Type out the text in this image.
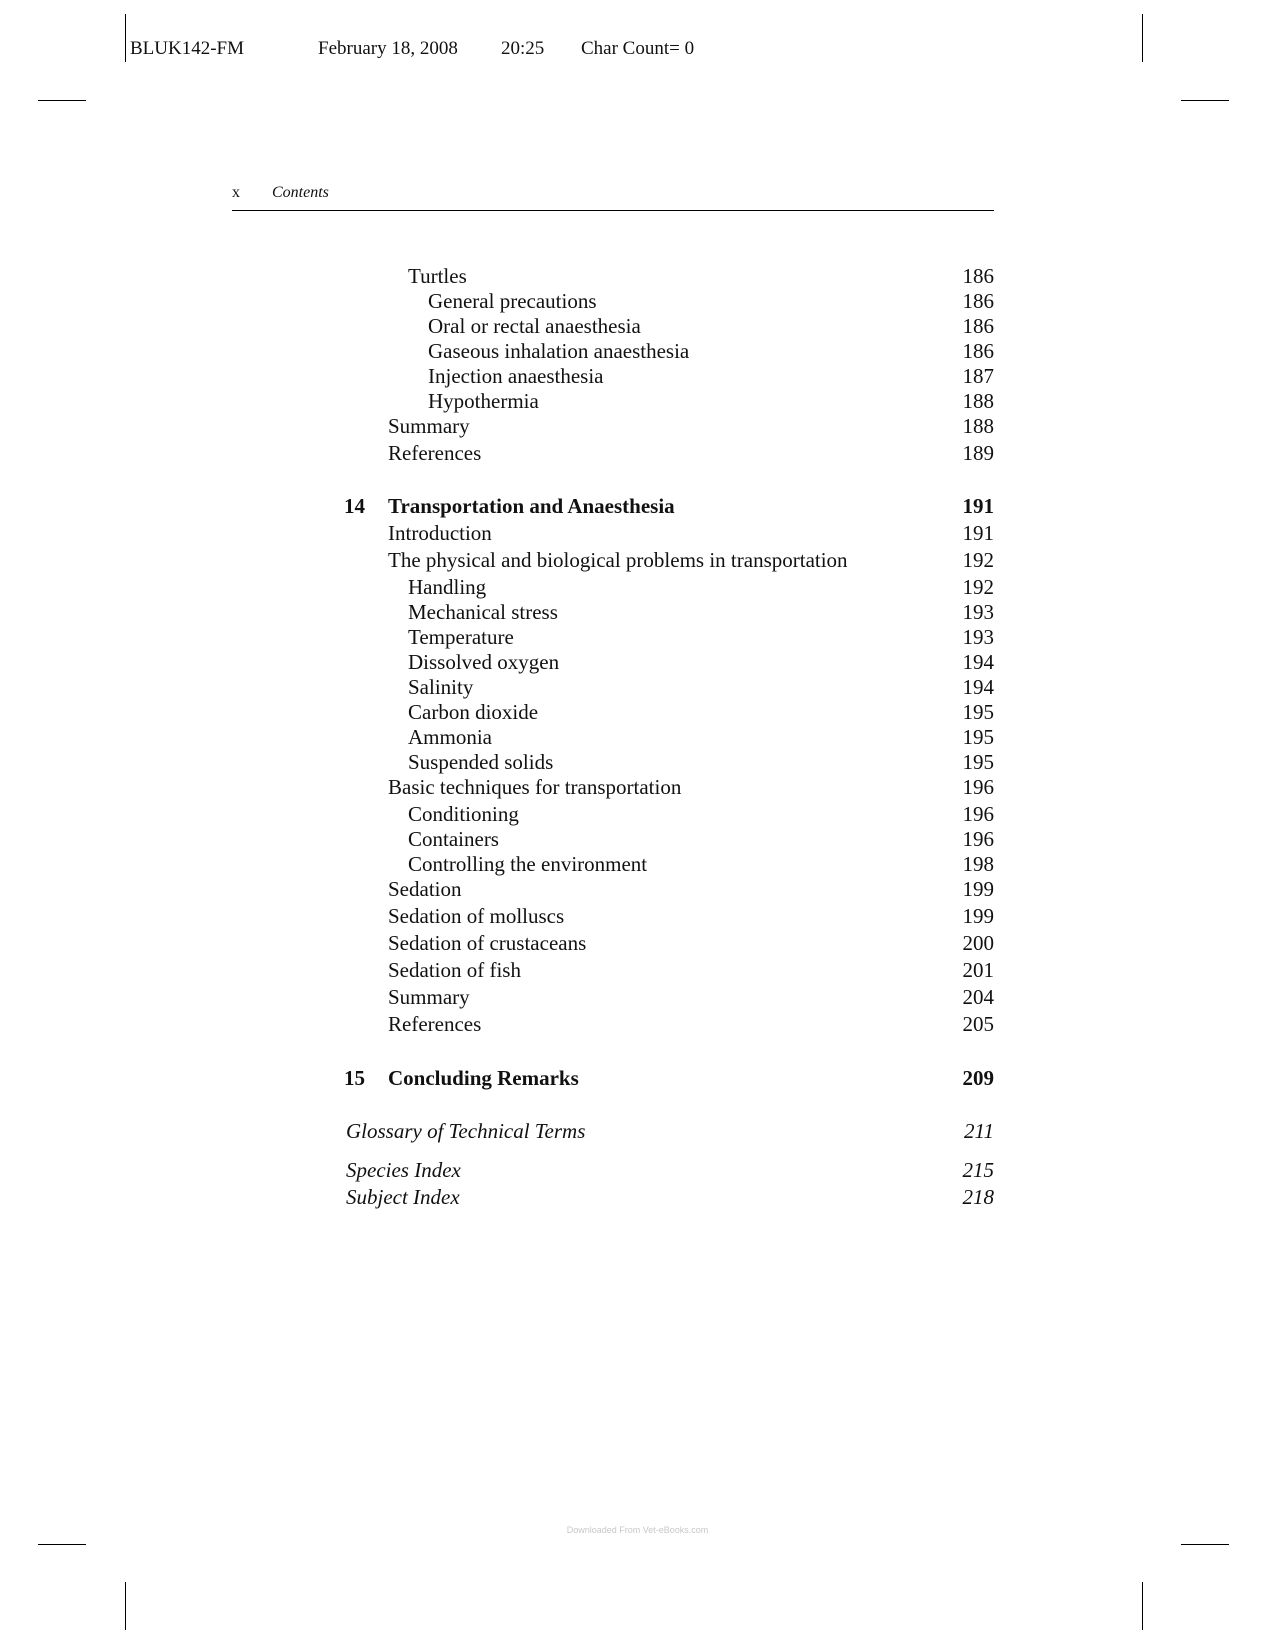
BLUK142-FM	February 18, 2008 20:25 Char Count= 0
x Contents
Turtles	186
General precautions	186
Oral or rectal anaesthesia	186
Gaseous inhalation anaesthesia	186
Injection anaesthesia	187
Hypothermia	188
Summary	188
References	189
14 Transportation and Anaesthesia	191
Introduction	191
The physical and biological problems in transportation	192
Handling	192
Mechanical stress	193
Temperature	193
Dissolved oxygen	194
Salinity	194
Carbon dioxide	195
Ammonia	195
Suspended solids	195
Basic techniques for transportation	196
Conditioning	196
Containers	196
Controlling the environment	198
Sedation	199
Sedation of molluscs	199
Sedation of crustaceans	200
Sedation of fish	201
Summary	204
References	205
15 Concluding Remarks	209
Glossary of Technical Terms	211
Species Index	215
Subject Index	218
Downloaded From Vet-eBooks.com
